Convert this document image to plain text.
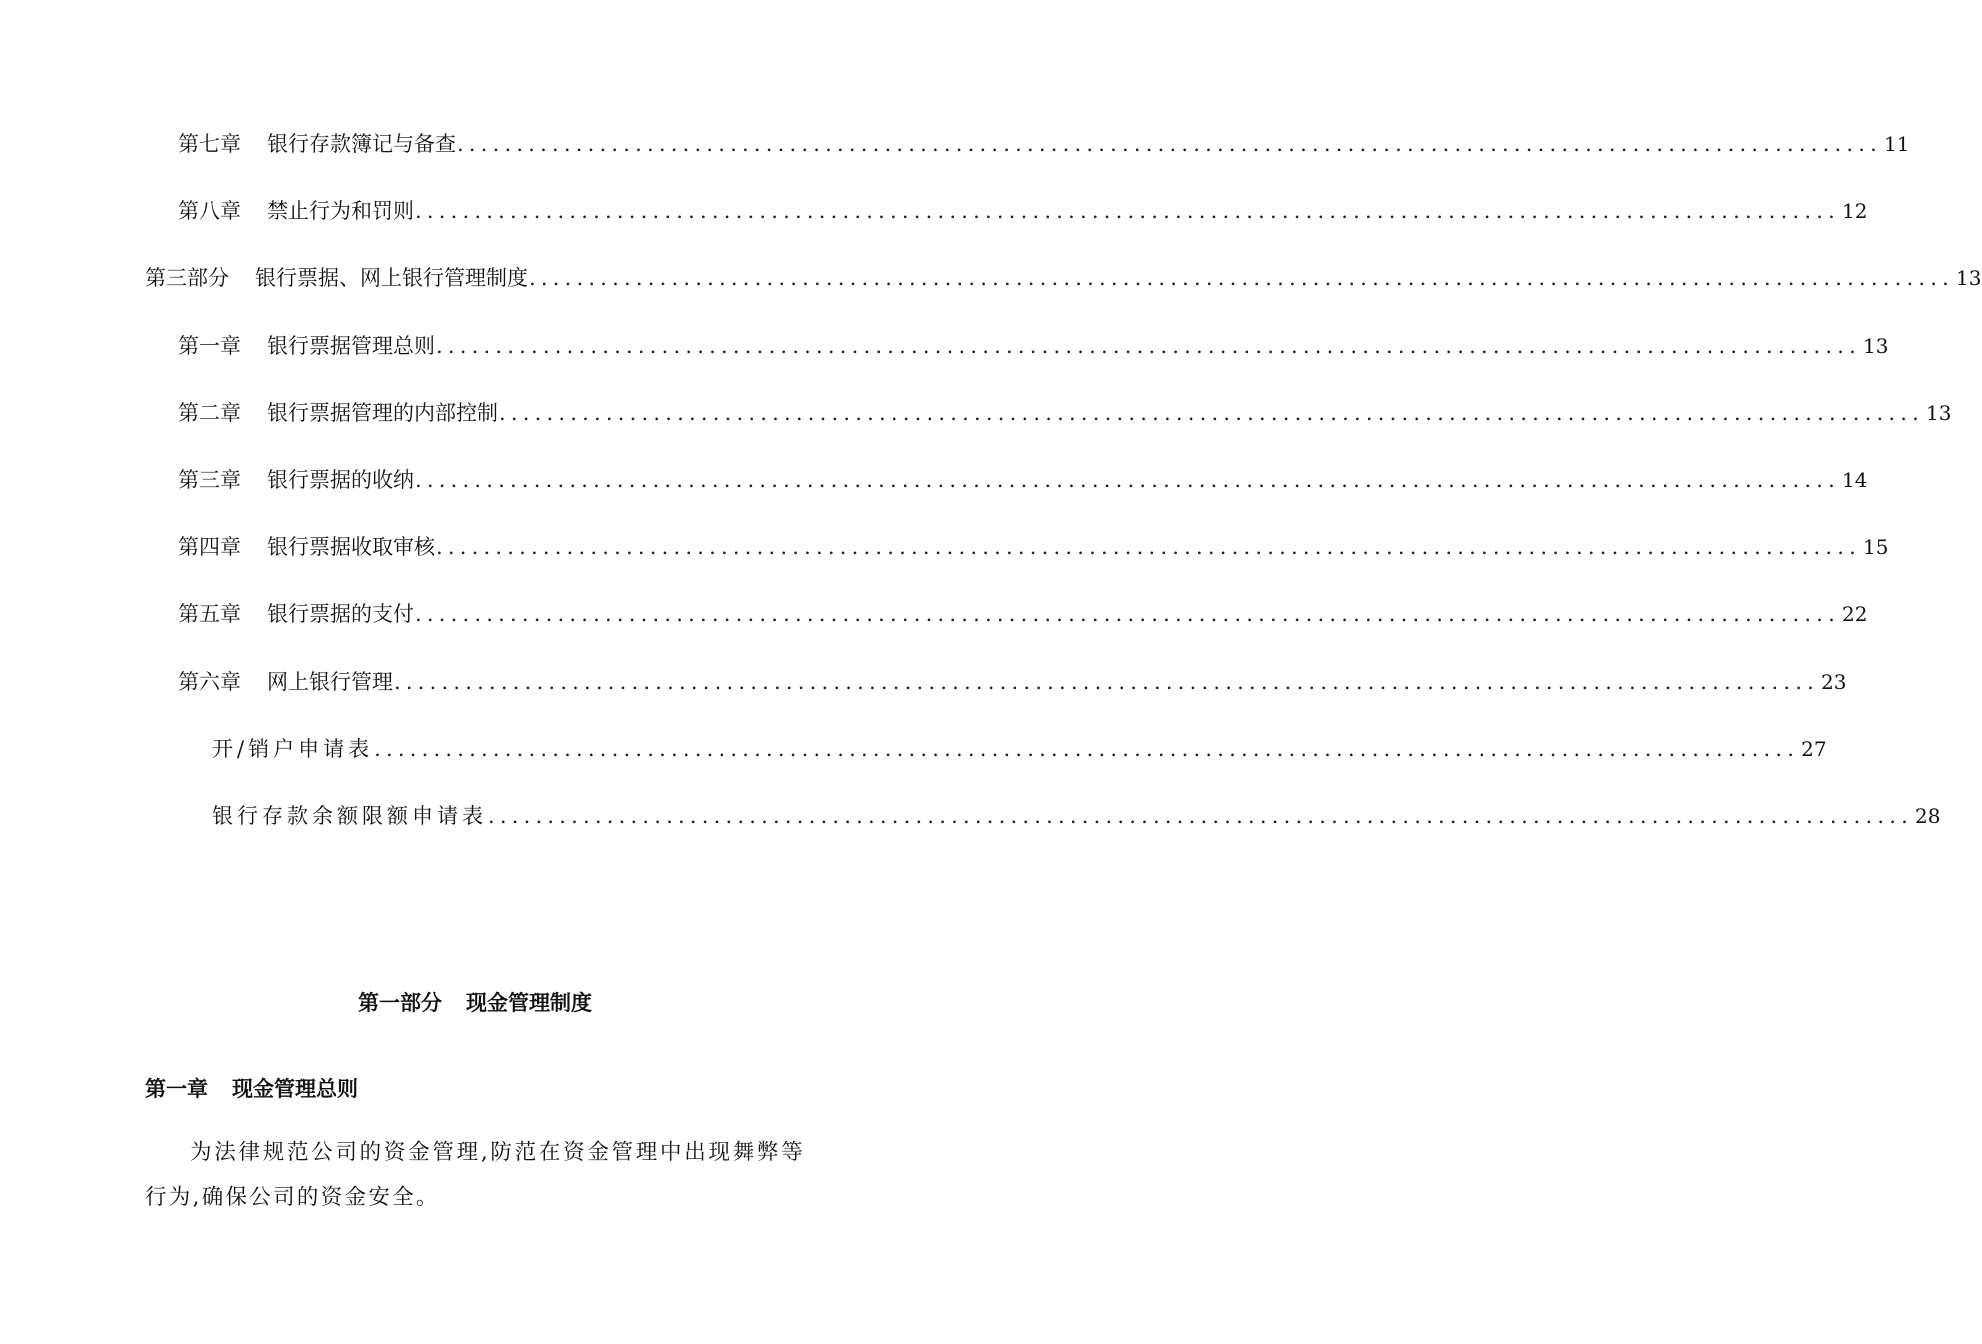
第七章 银行存款簿记与备查 ........................................................................................................................ 11
第八章 禁止行为和罚则 ........................................................................................................................ 12
第三部分 银行票据、网上银行管理制度 ........................................................................................................................ 13
第一章 银行票据管理总则 ........................................................................................................................ 13
第二章 银行票据管理的内部控制 ........................................................................................................................ 13
第三章 银行票据的收纳 ........................................................................................................................ 14
第四章 银行票据收取审核 ........................................................................................................................ 15
第五章 银行票据的支付 ........................................................................................................................ 22
第六章 网上银行管理 ........................................................................................................................ 23
开/销户申请表 ........................................................................................................................ 27
银行存款余额限额申请表 ........................................................................................................................ 28
第一部分 现金管理制度
第一章 现金管理总则
为法律规范公司的资金管理,防范在资金管理中出现舞弊等行为,确保公司的资金安全。
